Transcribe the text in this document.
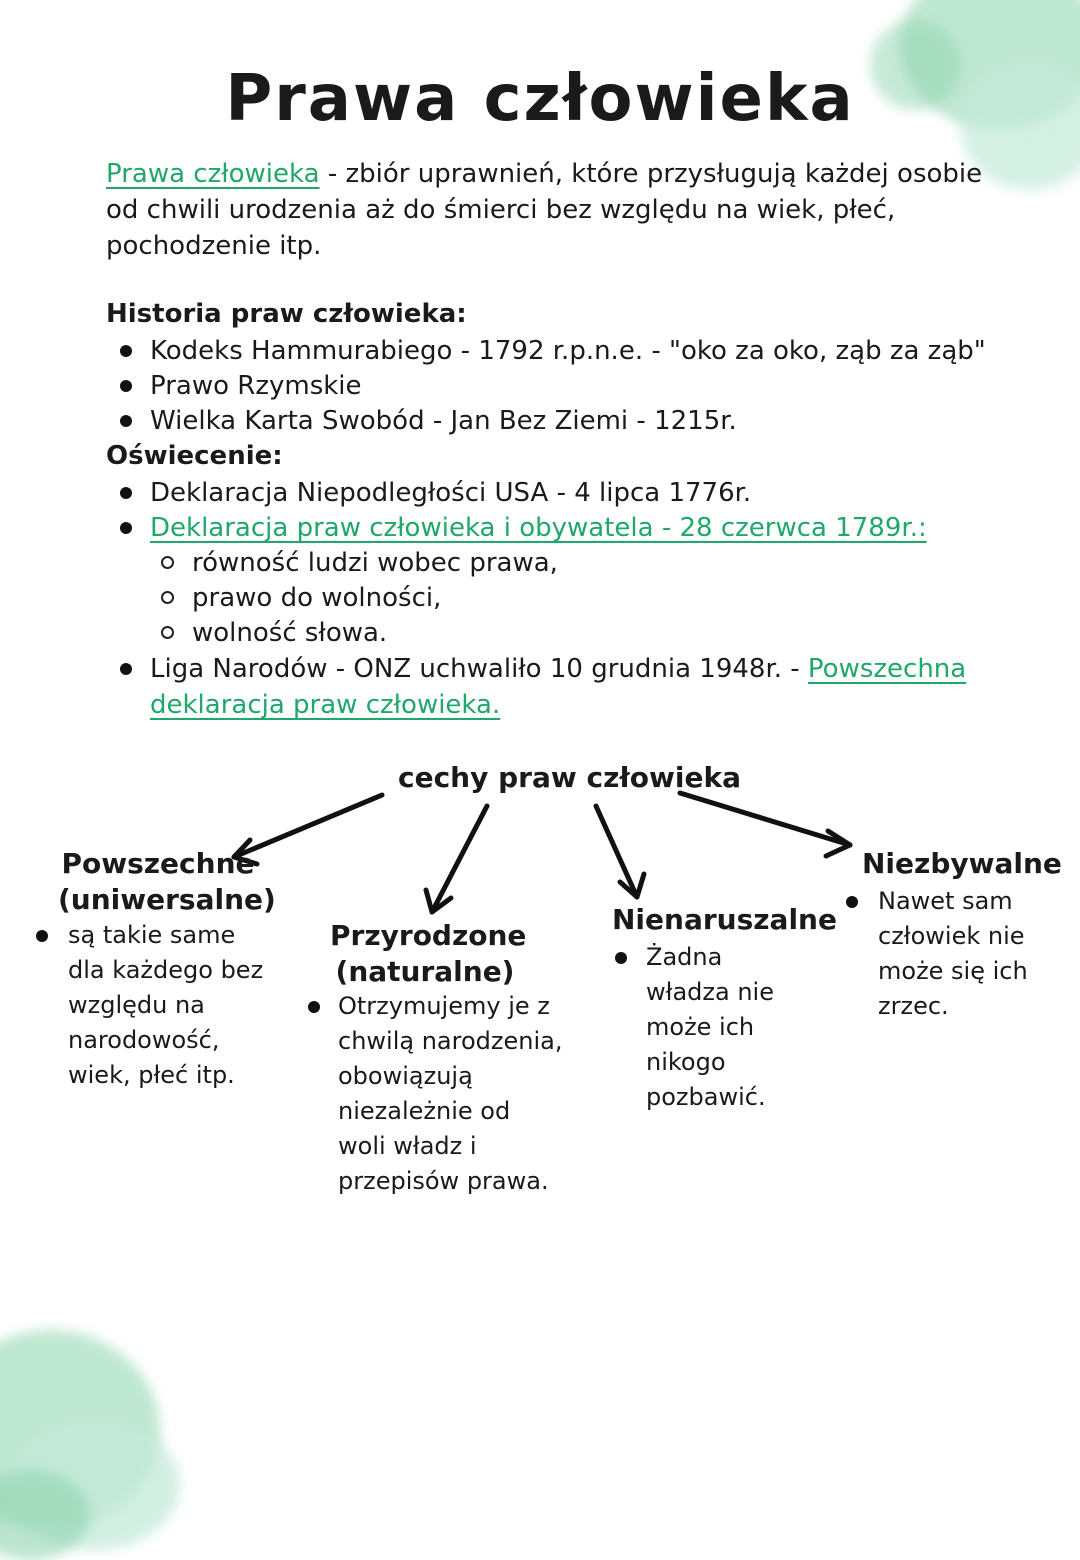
Prawa człowieka
Prawa człowieka - zbiór uprawnień, które przysługują każdej osobie
od chwili urodzenia aż do śmierci bez względu na wiek, płeć,
pochodzenie itp.
Historia praw człowieka:
Kodeks Hammurabiego - 1792 r.p.n.e. - "oko za oko, ząb za ząb"
Prawo Rzymskie
Wielka Karta Swobód - Jan Bez Ziemi - 1215r.
Oświecenie:
Deklaracja Niepodległości USA - 4 lipca 1776r.
Deklaracja praw człowieka i obywatela - 28 czerwca 1789r.:
równość ludzi wobec prawa,
prawo do wolności,
wolność słowa.
Liga Narodów - ONZ uchwaliło 10 grudnia 1948r. - Powszechna
deklaracja praw człowieka.
cechy praw człowieka
Powszechne
(uniwersalne)
są takie same
dla każdego bez
względu na
narodowość,
wiek, płeć itp.
Przyrodzone
(naturalne)
Otrzymujemy je z
chwilą narodzenia,
obowiązują
niezależnie od
woli władz i
przepisów prawa.
Nienaruszalne
Żadna
władza nie
może ich
nikogo
pozbawić.
Niezbywalne
Nawet sam
człowiek nie
może się ich
zrzec.
